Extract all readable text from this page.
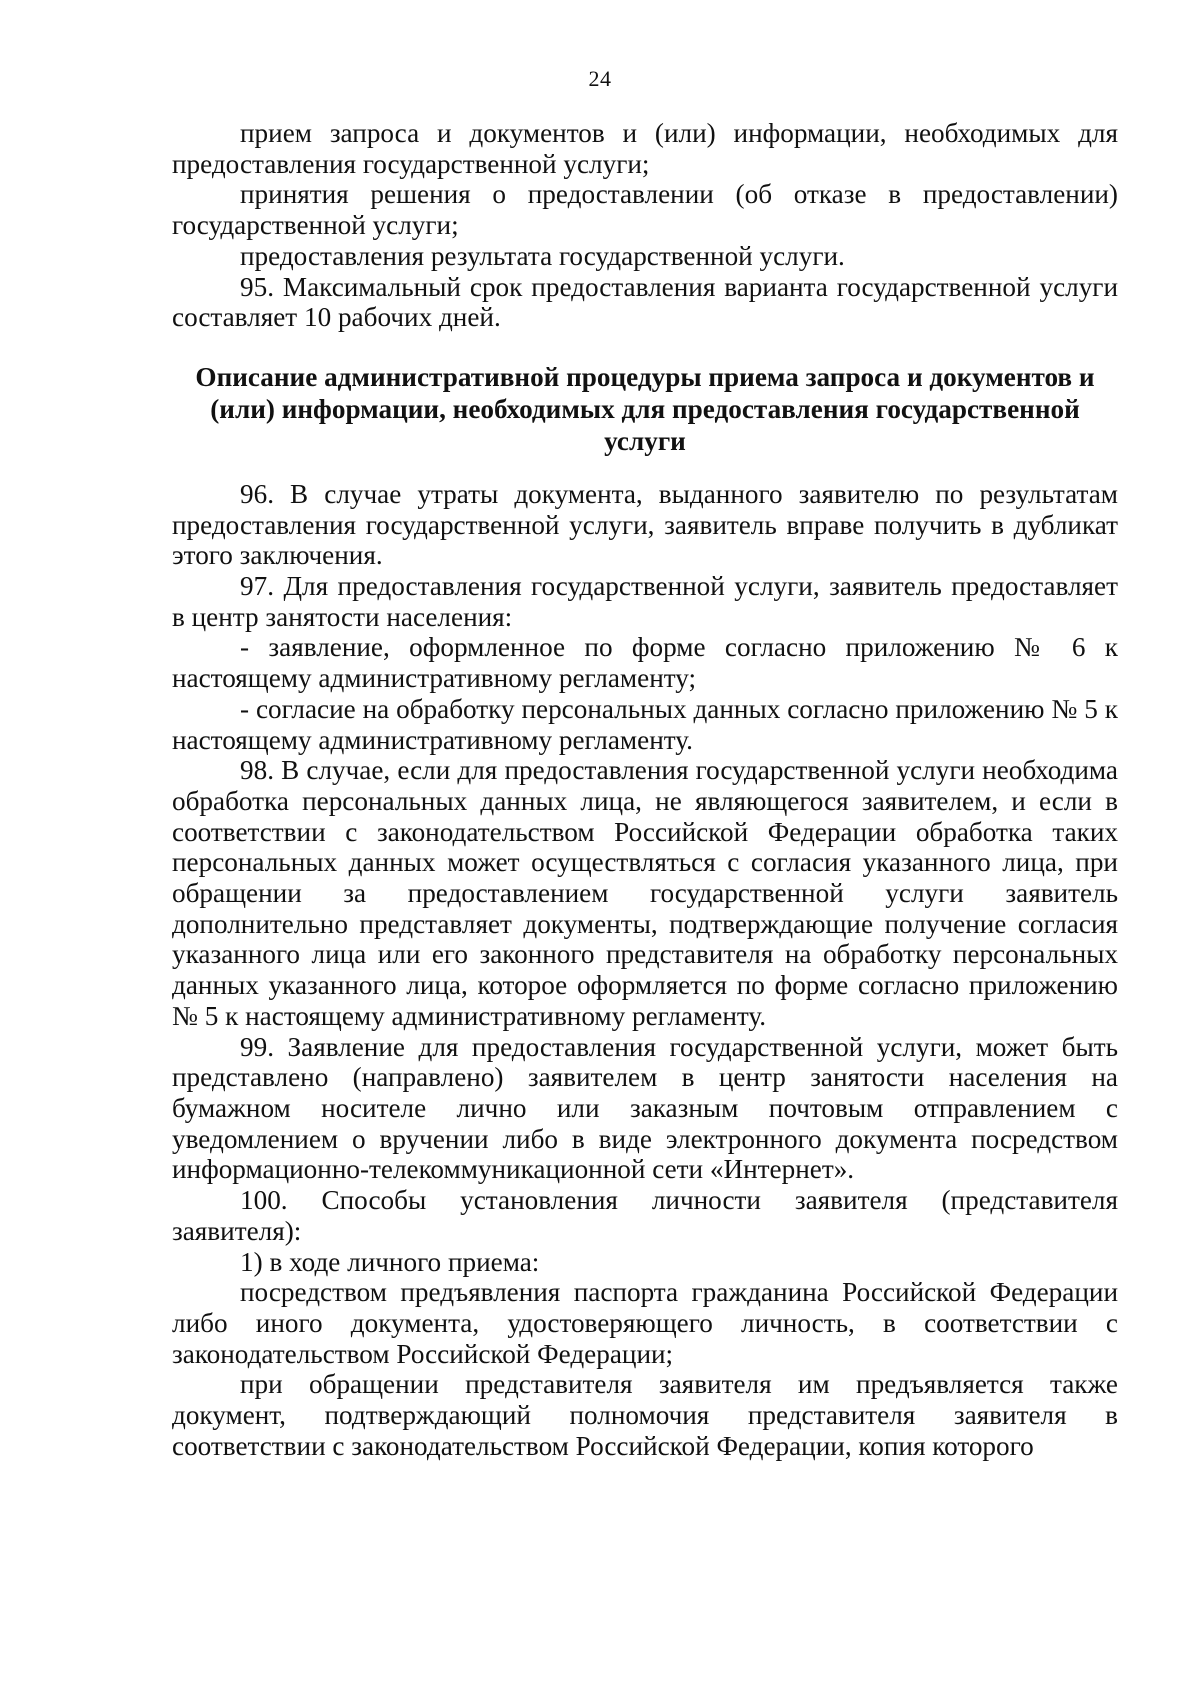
24

прием запроса и документов и (или) информации, необходимых для предоставления государственной услуги;

принятия решения о предоставлении (об отказе в предоставлении) государственной услуги;

предоставления результата государственной услуги.

95. Максимальный срок предоставления варианта государственной услуги составляет 10 рабочих дней.

Описание административной процедуры приема запроса и документов и (или) информации, необходимых для предоставления государственной услуги

96. В случае утраты документа, выданного заявителю по результатам предоставления государственной услуги, заявитель вправе получить в дубликат этого заключения.

97. Для предоставления государственной услуги, заявитель предоставляет в центр занятости населения:

- заявление, оформленное по форме согласно приложению № 6 к настоящему административному регламенту;

- согласие на обработку персональных данных согласно приложению № 5 к настоящему административному регламенту.

98. В случае, если для предоставления государственной услуги необходима обработка персональных данных лица, не являющегося заявителем, и если в соответствии с законодательством Российской Федерации обработка таких персональных данных может осуществляться с согласия указанного лица, при обращении за предоставлением государственной услуги заявитель дополнительно представляет документы, подтверждающие получение согласия указанного лица или его законного представителя на обработку персональных данных указанного лица, которое оформляется по форме согласно приложению № 5 к настоящему административному регламенту.

99. Заявление для предоставления государственной услуги, может быть представлено (направлено) заявителем в центр занятости населения на бумажном носителе лично или заказным почтовым отправлением с уведомлением о вручении либо в виде электронного документа посредством информационно-телекоммуникационной сети «Интернет».

100. Способы установления личности заявителя (представителя заявителя):

1) в ходе личного приема:

посредством предъявления паспорта гражданина Российской Федерации либо иного документа, удостоверяющего личность, в соответствии с законодательством Российской Федерации;

при обращении представителя заявителя им предъявляется также документ, подтверждающий полномочия представителя заявителя в соответствии с законодательством Российской Федерации, копия которого
